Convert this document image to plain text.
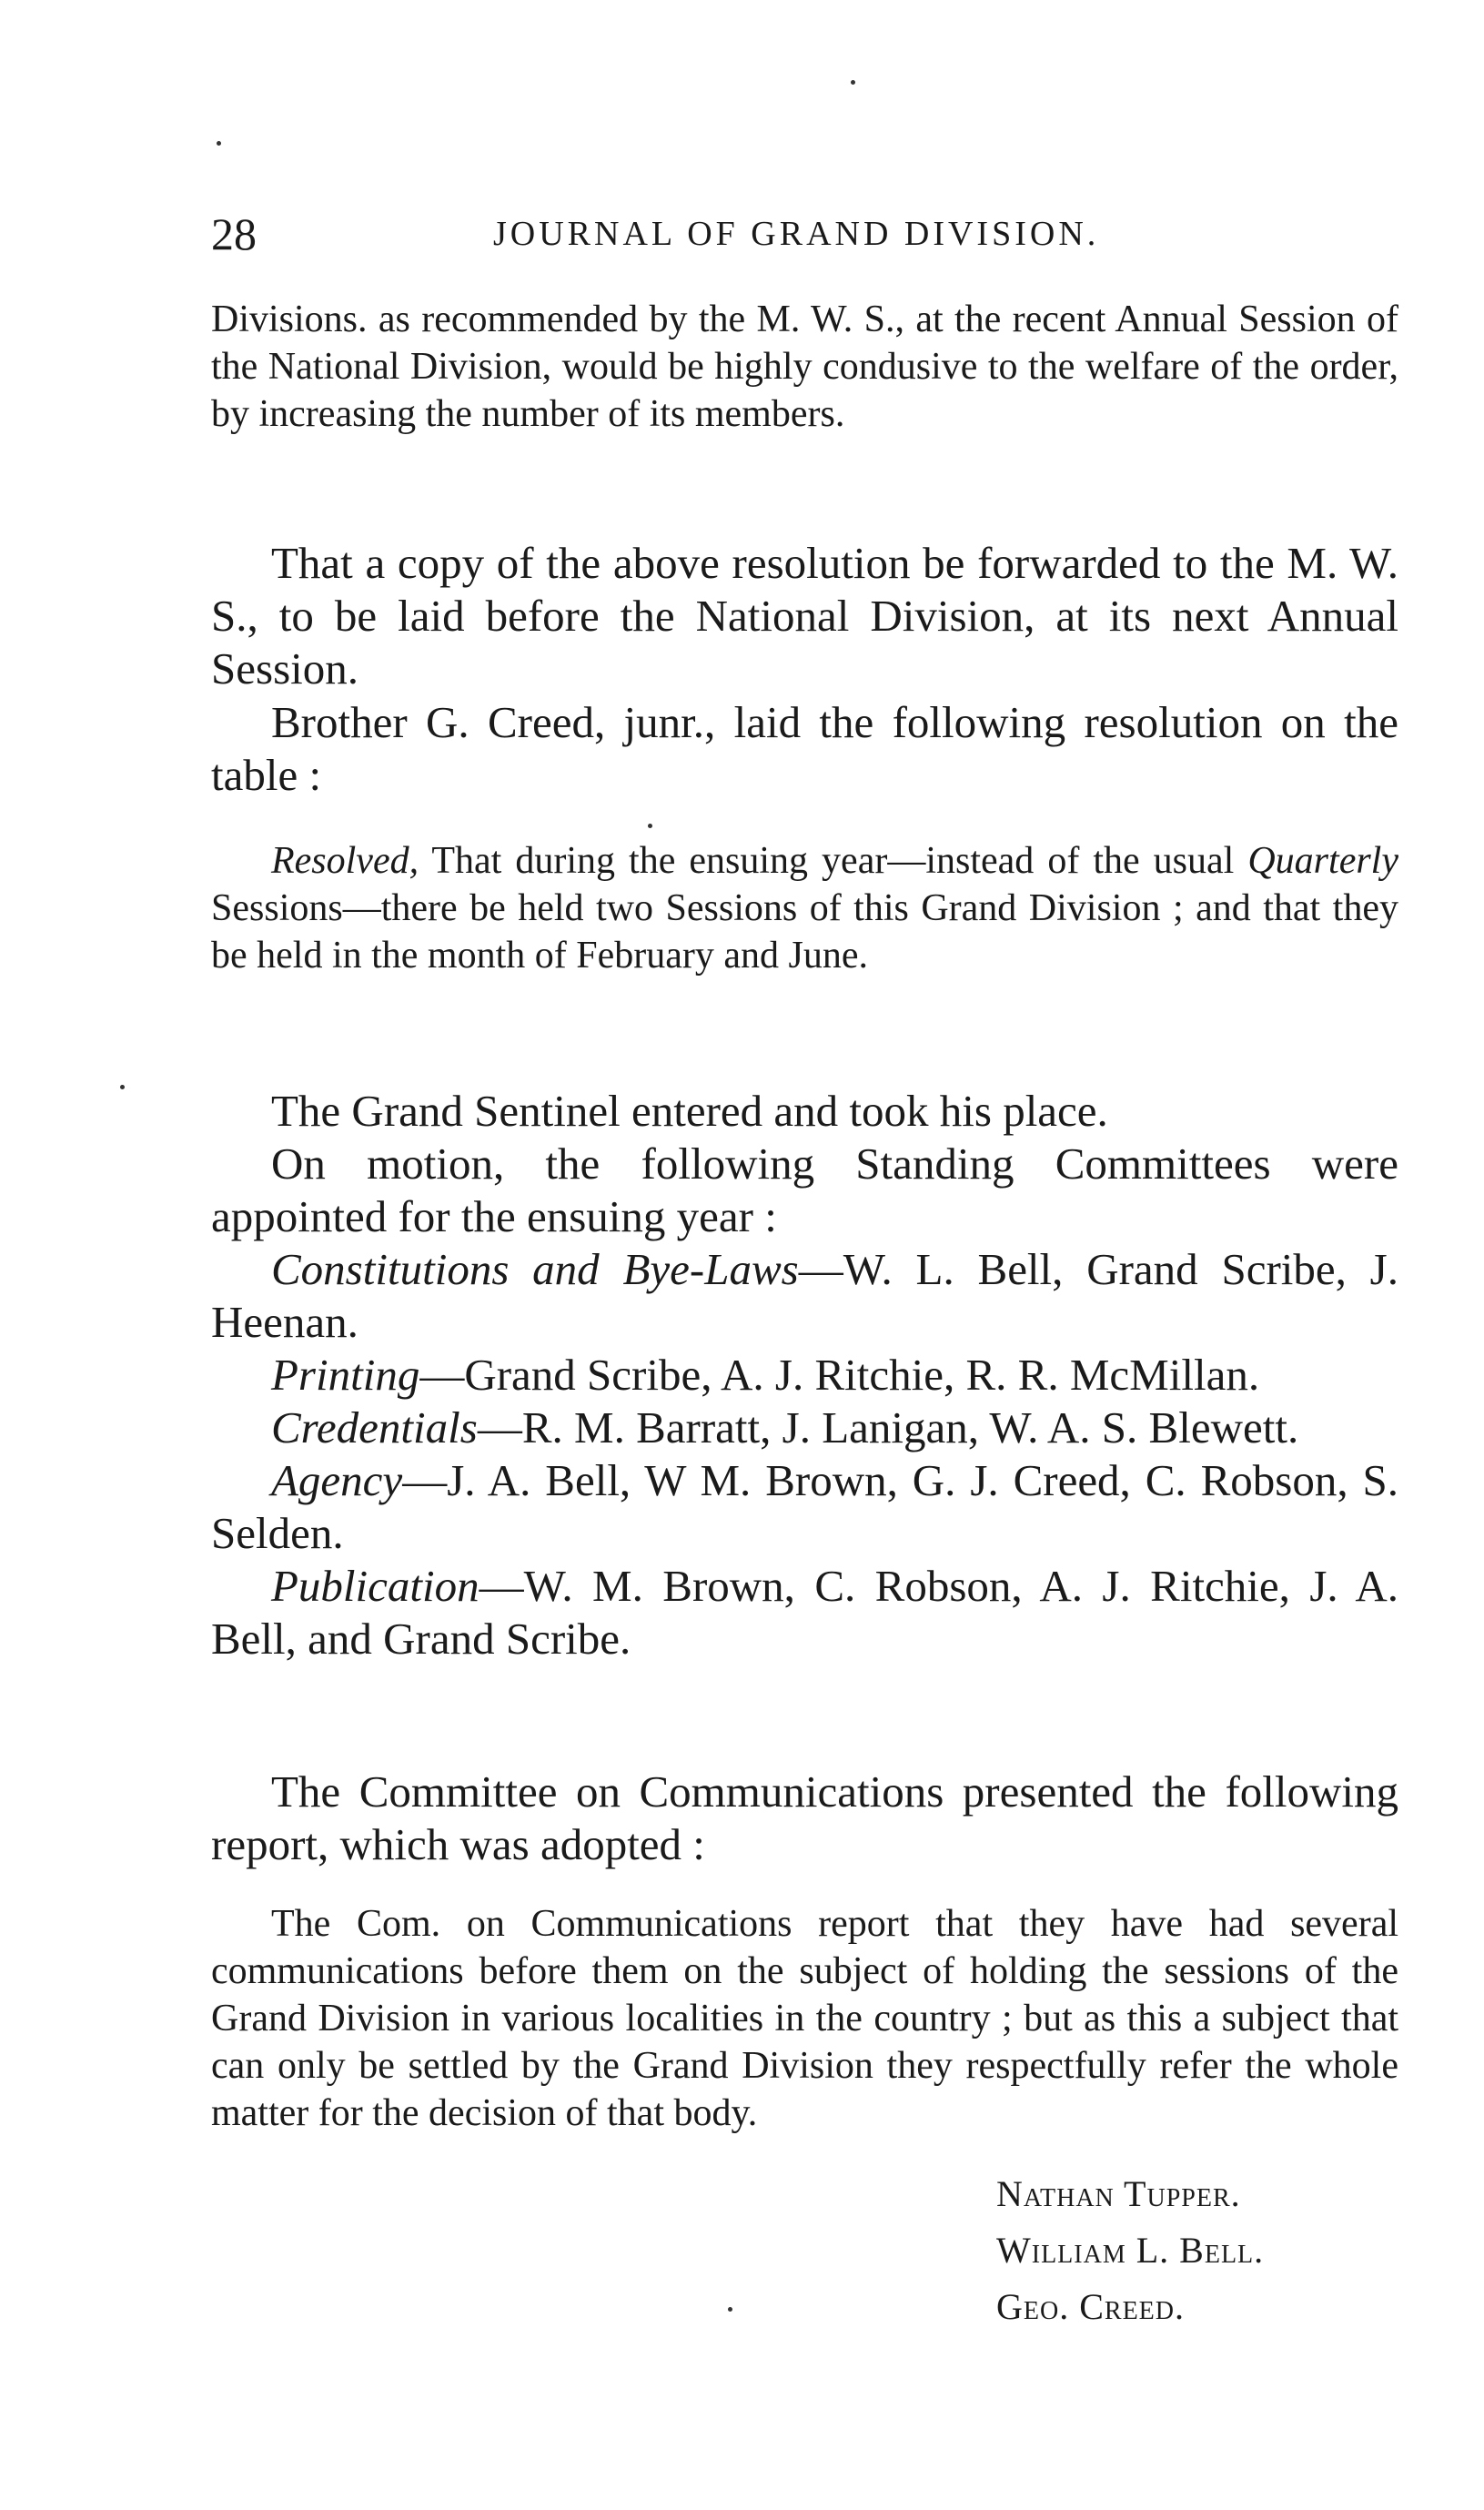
28	JOURNAL OF GRAND DIVISION.
Divisions. as recommended by the M. W. S., at the recent Annual Session of the National Division, would be highly condusive to the welfare of the order, by increasing the number of its members.
That a copy of the above resolution be forwarded to the M. W. S., to be laid before the National Division, at its next Annual Session.
Brother G. Creed, junr., laid the following resolution on the table :
Resolved, That during the ensuing year—instead of the usual Quarterly Sessions—there be held two Sessions of this Grand Division ; and that they be held in the month of February and June.
The Grand Sentinel entered and took his place.
On motion, the following Standing Committees were appointed for the ensuing year :
Constitutions and Bye-Laws—W. L. Bell, Grand Scribe, J. Heenan.
Printing—Grand Scribe, A. J. Ritchie, R. R. McMillan.
Credentials—R. M. Barratt, J. Lanigan, W. A. S. Blewett.
Agency—J. A. Bell, W M. Brown, G. J. Creed, C. Robson, S. Selden.
Publication—W. M. Brown, C. Robson, A. J. Ritchie, J. A. Bell, and Grand Scribe.
The Committee on Communications presented the following report, which was adopted :
The Com. on Communications report that they have had several communications before them on the subject of holding the sessions of the Grand Division in various localities in the country ; but as this a subject that can only be settled by the Grand Division they respectfully refer the whole matter for the decision of that body.
Nathan Tupper.
William L. Bell.
Geo. Creed.
